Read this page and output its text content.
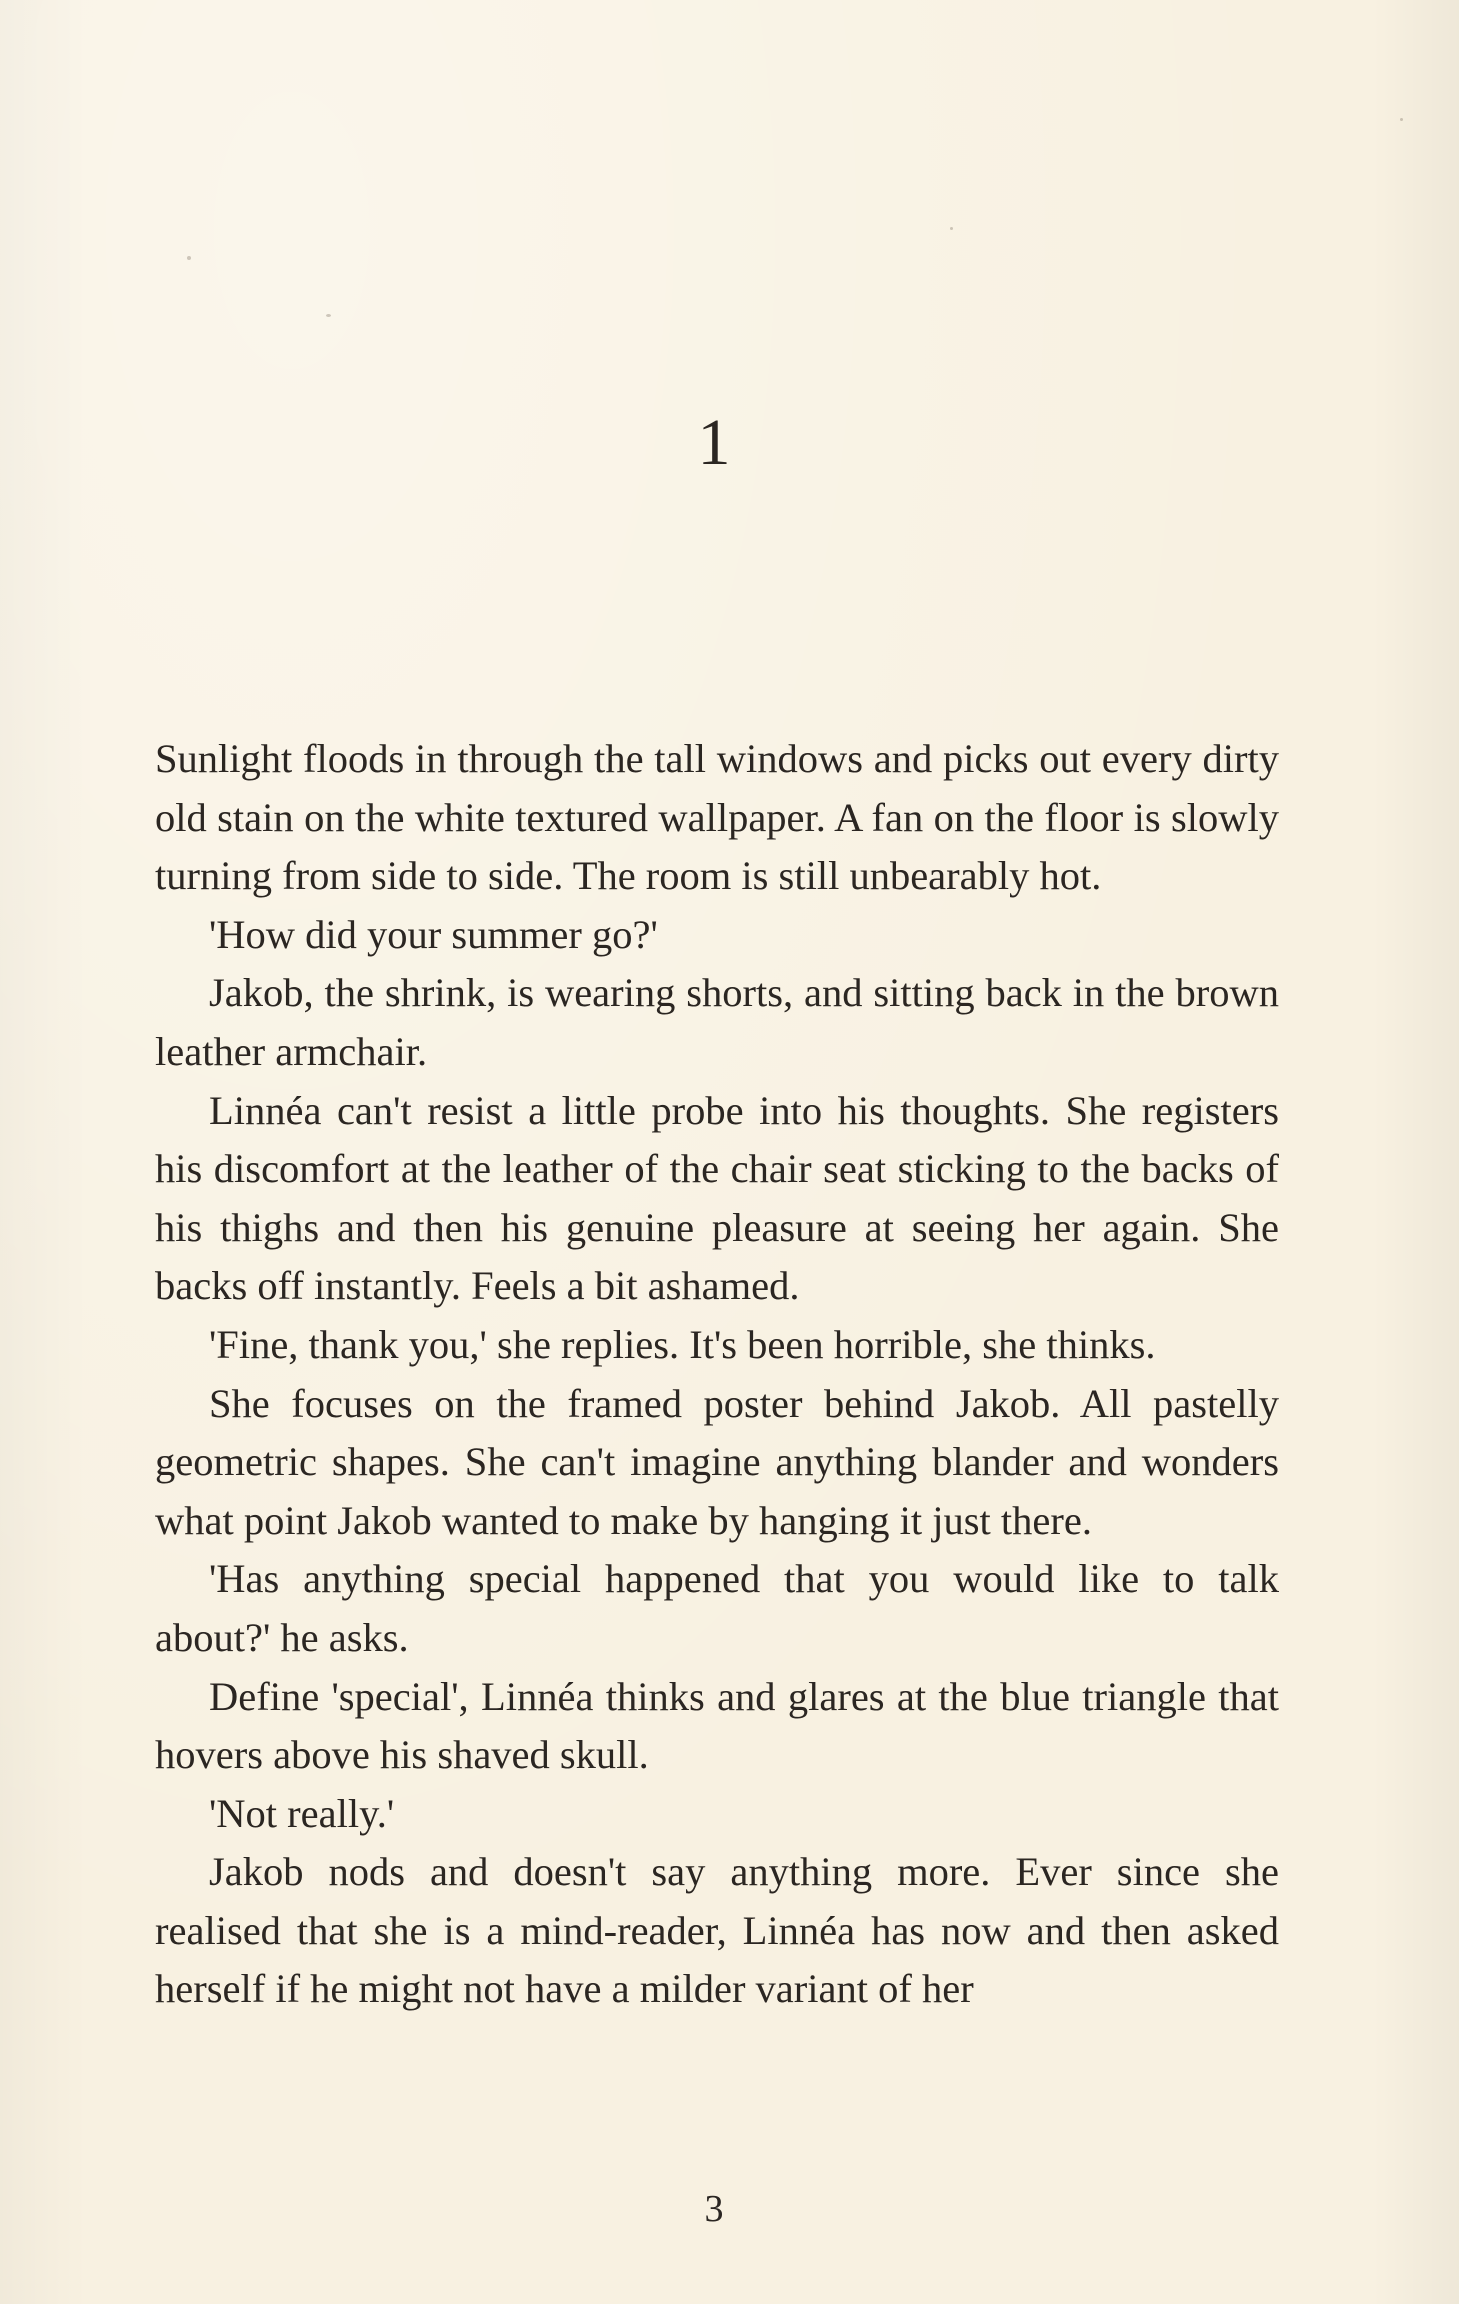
1

Sunlight floods in through the tall windows and picks out every dirty old stain on the white textured wallpaper. A fan on the floor is slowly turning from side to side. The room is still unbearably hot.

'How did your summer go?'

Jakob, the shrink, is wearing shorts, and sitting back in the brown leather armchair.

Linnéa can't resist a little probe into his thoughts. She registers his discomfort at the leather of the chair seat sticking to the backs of his thighs and then his genuine pleasure at seeing her again. She backs off instantly. Feels a bit ashamed.

'Fine, thank you,' she replies. It's been horrible, she thinks.

She focuses on the framed poster behind Jakob. All pastelly geometric shapes. She can't imagine anything blander and wonders what point Jakob wanted to make by hanging it just there.

'Has anything special happened that you would like to talk about?' he asks.

Define 'special', Linnéa thinks and glares at the blue triangle that hovers above his shaved skull.

'Not really.'

Jakob nods and doesn't say anything more. Ever since she realised that she is a mind-reader, Linnéa has now and then asked herself if he might not have a milder variant of her

3
